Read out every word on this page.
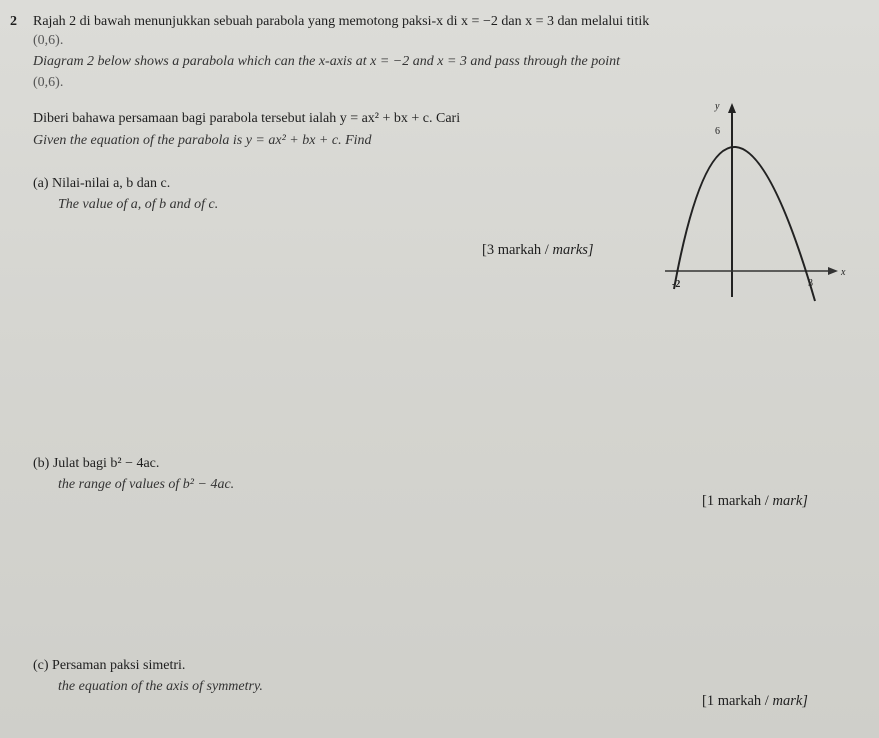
2 Rajah 2 di bawah menunjukkan sebuah parabola yang memotong paksi-x di x = −2 dan x = 3 dan melalui titik
(0,6).
Diagram 2 below shows a parabola which can the x-axis at x = −2 and x = 3 and pass through the point
(0,6).
Diberi bahawa persamaan bagi parabola tersebut ialah y = ax² + bx + c. Cari
Given the equation of the parabola is y = ax² + bx + c. Find
(a) Nilai-nilai a, b dan c.
The value of a, of b and of c.
[3 markah / marks]
y
x
6
-2	3
(b) Julat bagi b² − 4ac.
the range of values of b² − 4ac.
[1 markah / mark]
(c) Persaman paksi simetri.
the equation of the axis of symmetry.
[1 markah / mark]
